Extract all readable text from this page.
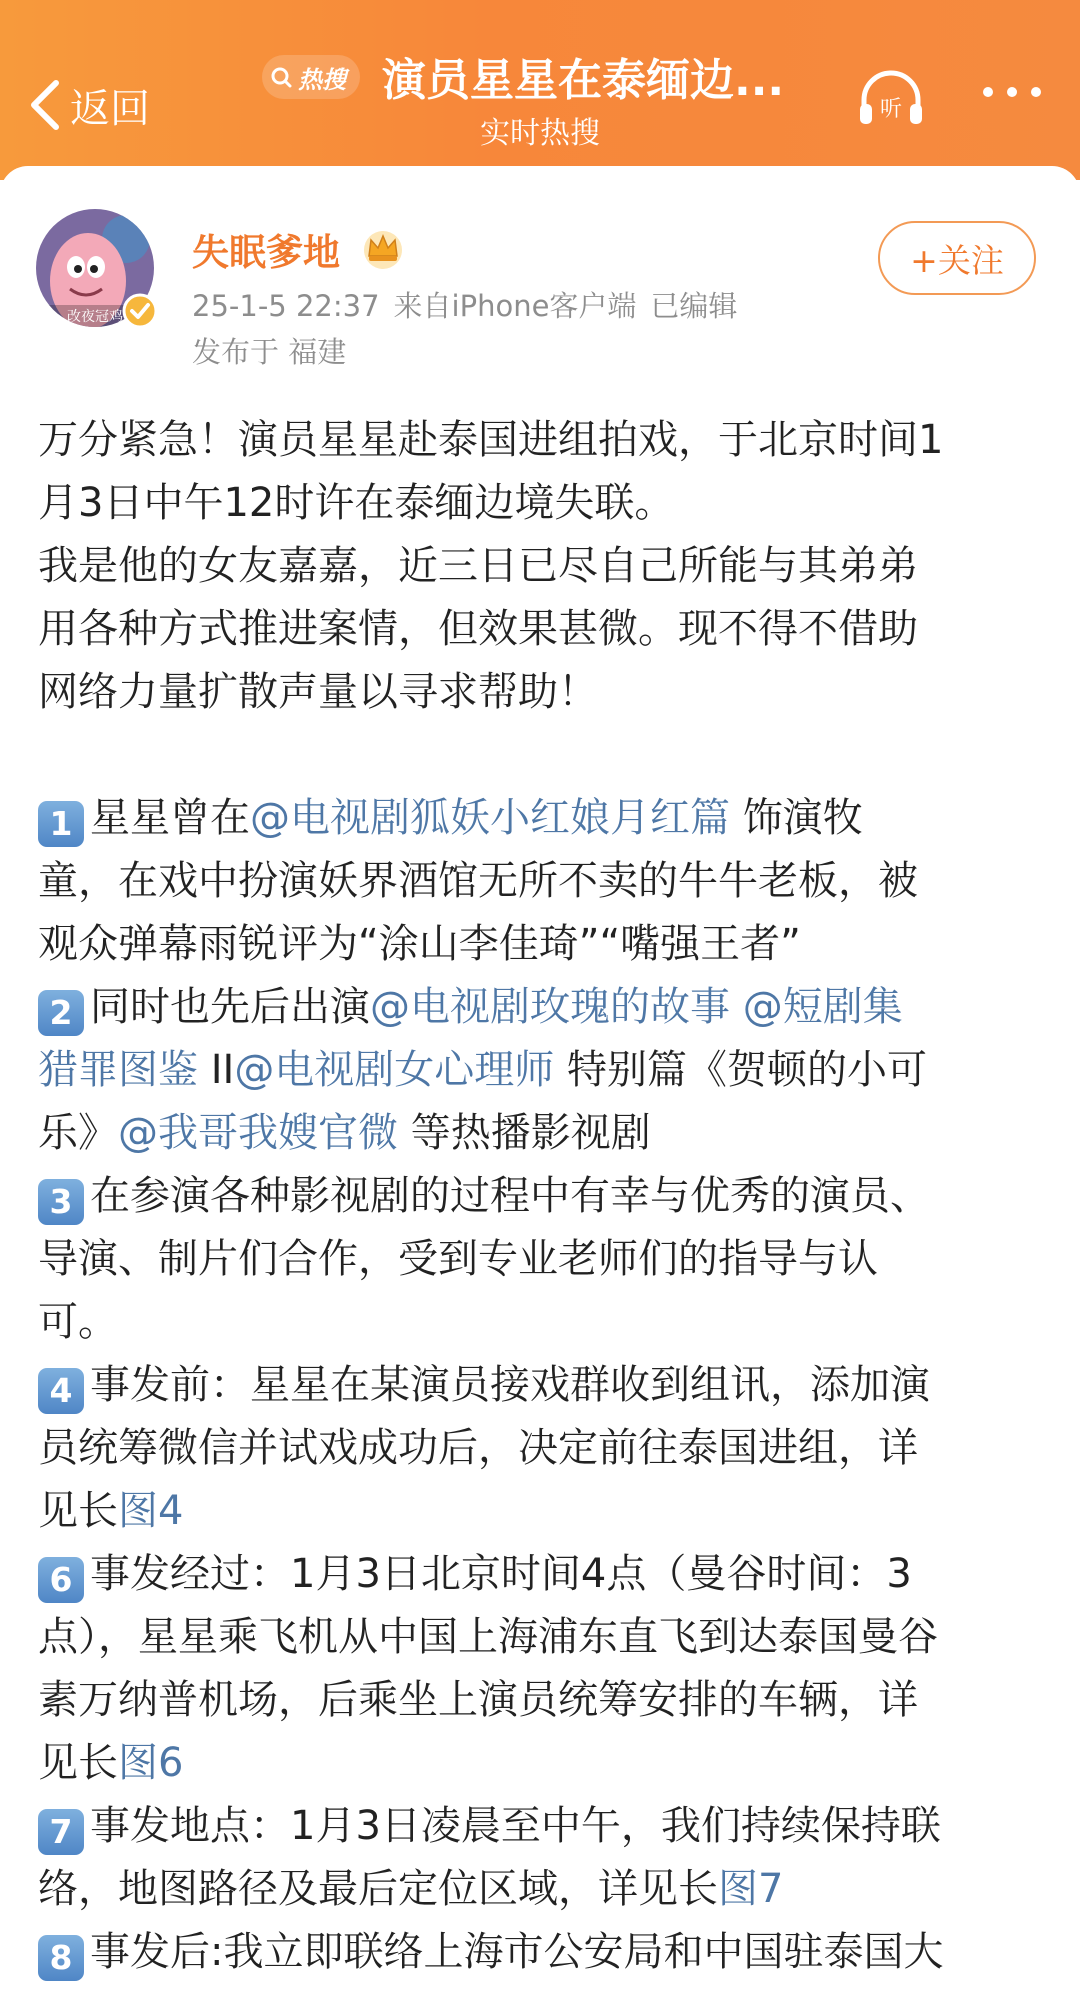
返回
热搜 演员星星在泰缅边...
实时热搜
听
改夜冠鸡
失眠爹地
25-1-5 22:37 来自iPhone客户端 已编辑
发布于 福建
+关注
万分紧急！演员星星赴泰国进组拍戏，于北京时间1
月3日中午12时许在泰缅边境失联。
我是他的女友嘉嘉，近三日已尽自己所能与其弟弟
用各种方式推进案情，但效果甚微。现不得不借助
网络力量扩散声量以寻求帮助！
1 星星曾在@电视剧狐妖小红娘月红篇 饰演牧
童，在戏中扮演妖界酒馆无所不卖的牛牛老板，被
观众弹幕雨锐评为“涂山李佳琦”“嘴强王者”
2 同时也先后出演@电视剧玫瑰的故事 @短剧集
猎罪图鉴 II@电视剧女心理师 特别篇《贺顿的小可
乐》@我哥我嫂官微 等热播影视剧
3 在参演各种影视剧的过程中有幸与优秀的演员、
导演、制片们合作，受到专业老师们的指导与认
可。
4 事发前：星星在某演员接戏群收到组讯，添加演
员统筹微信并试戏成功后，决定前往泰国进组，详
见长图4
6 事发经过：1月3日北京时间4点（曼谷时间：3
点），星星乘飞机从中国上海浦东直飞到达泰国曼谷
素万纳普机场，后乘坐上演员统筹安排的车辆，详
见长图6
7 事发地点：1月3日凌晨至中午，我们持续保持联
络，地图路径及最后定位区域，详见长图7
8 事发后:我立即联络上海市公安局和中国驻泰国大
